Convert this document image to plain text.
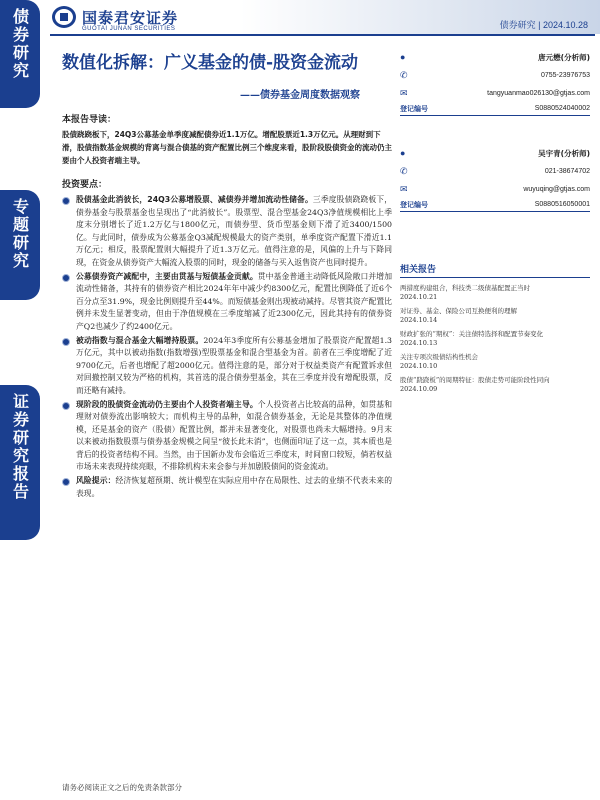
债券研究
专题研究
证券研究报告
国泰君安证券
GUOTAI JUNAN SECURITIES	债券研究 | 2024.10.28
数值化拆解：广义基金的债-股资金流动
——债券基金周度数据观察
本报告导读：
股债跷跷板下，24Q3公募基金单季度减配债券近1.1万亿。增配股票近1.3万亿元。从理财到下滑，股债指数基金规模的背离与混合债基的资产配置比例三个维度来看，股阶段股债资金的流动仍主要由个人投资者端主导。
投资要点：
股债基金此消彼长，24Q3公募增股票、减债券并增加流动性储备。三季度股债跷跷板下，债券基金与股票基金也呈现出了“此消彼长”。股票型、混合型基金24Q3净值规模相比上季度末分别增长了近1.2万亿与1800亿元，而债券型、货币型基金则下滑了近3400/1500亿。与此同时，债券成为公募基金Q3减配规模最大的资产类别，单季度资产配置下滑近1.1万亿元；相反，股票配置则大幅提升了近1.3万亿元。值得注意的是，风偏的上升与下降同现，在资金从债券资产大幅流入股票的同时，现金的储备与买入返售资产也同时提升。
公募债券资产减配中，主要由贯基与短债基金贡献。贯中基金普通主动降低风险敞口并增加流动性储备，其持有的债券资产相比2024年年中减少约8300亿元，配置比例降低了近6个百分点至31.9%，现金比例则提升至44%。而短债基金则出现被动减持。尽管其资产配置比例并未发生显著变动，但由于净值规模在三季度缩减了近2300亿元，因此其持有的债券资产Q2也减少了约2400亿元。
被动指数与混合基金大幅增持股票。2024年3季度所有公募基金增加了股票资产配置超1.3万亿元，其中以被动指数(指数增强)型股票基金和混合型基金为首。前者在三季度增配了近9700亿元，后者也增配了超2000亿元。值得注意的是，部分对于权益类资产有配置诉求但对回撤控制又较为严格的机构，其首选的混合债券型基金，其在三季度并没有增配股票，反而还略有减持。
现阶段的股债资金流动仍主要由个人投资者端主导。个人投资者占比较高的品种，如贯基和理财对债券流出影响较大；而机构主导的品种，如混合债券基金，无论是其整体的净值规模，还是基金的资产（股债）配置比例，都并未显著变化，对股票也尚未大幅增持。9月末以来被动指数股票与债券基金规模之间呈“彼长此未消”，也侧面印证了这一点，其本质也是背后的投资者结构不同。当然，由于国新办发布会临近三季度末，时间窗口较短，倘若权益市场未来表现持续亮眼，不排除机构未来会参与并加剧股债间的资金流动。
风险提示：经济恢复超预期、统计模型在实际应用中存在局限性、过去的业绩不代表未来的表现。
●	唐元懋(分析师)
✆	0755-23976753
✉	tangyuanmao026130@gtjas.com
登记编号	S0880524040002
●	吴宇青(分析师)
✆	021-38674702
✉	wuyuqing@gtjas.com
登记编号	S0880516050001
相关报告
两措度构建组合，科技类二级债基配置正当时
2024.10.21
对证券、基金、保险公司互换便利的理解
2024.10.14
财政扩张的“期权”：关注债特选择和配置节奏变化
2024.10.13
关注专项次级债结构性机会
2024.10.10
股债“跷跷板”的周期特征：股债走势可能阶段性同向
2024.10.09
请务必阅读正文之后的免责条款部分
